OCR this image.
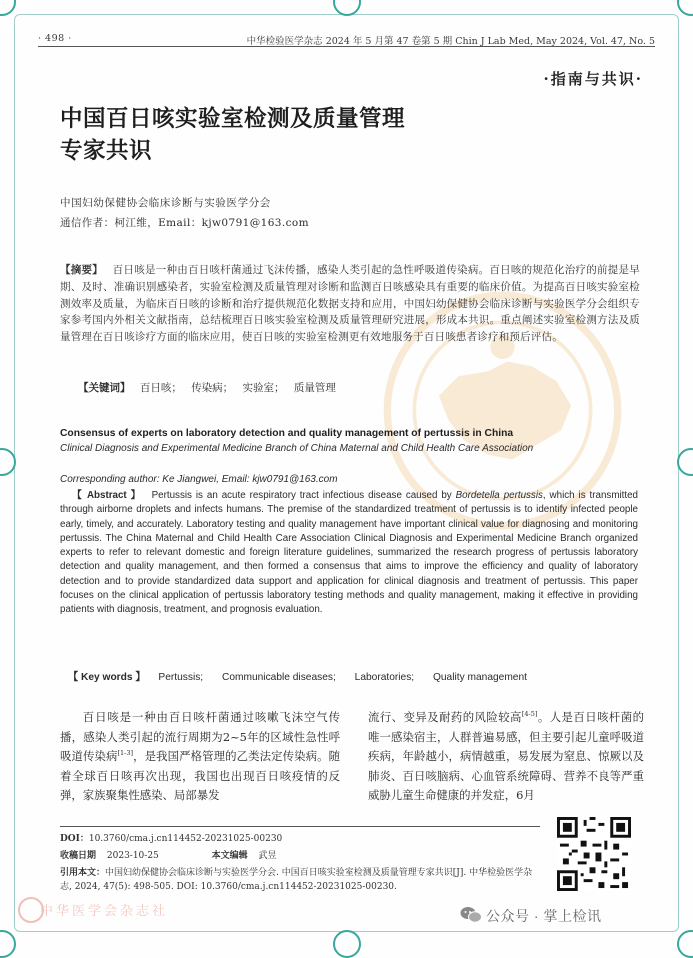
· 498 ·	中华检验医学杂志 2024 年 5 月第 47 卷第 5 期 Chin J Lab Med, May 2024, Vol. 47, No. 5
·指南与共识·
中国百日咳实验室检测及质量管理
专家共识
中国妇幼保健协会临床诊断与实验医学分会
通信作者：柯江维，Email：kjw0791@163.com
【摘要】 百日咳是一种由百日咳杆菌通过飞沫传播，感染人类引起的急性呼吸道传染病。百日咳的规范化治疗的前提是早期、及时、准确识别感染者，实验室检测及质量管理对诊断和监测百日咳感染具有重要的临床价值。为提高百日咳实验室检测效率及质量，为临床百日咳的诊断和治疗提供规范化数据支持和应用，中国妇幼保健协会临床诊断与实验医学分会组织专家参考国内外相关文献指南，总结梳理百日咳实验室检测及质量管理研究进展，形成本共识。重点阐述实验室检测方法及质量管理在百日咳诊疗方面的临床应用，使百日咳的实验室检测更有效地服务于百日咳患者诊疗和预后评估。
【关键词】 百日咳； 传染病； 实验室； 质量管理
Consensus of experts on laboratory detection and quality management of pertussis in China
Clinical Diagnosis and Experimental Medicine Branch of China Maternal and Child Health Care Association
Corresponding author: Ke Jiangwei, Email: kjw0791@163.com
【 Abstract 】 Pertussis is an acute respiratory tract infectious disease caused by Bordetella pertussis, which is transmitted through airborne droplets and infects humans. The premise of the standardized treatment of pertussis is to identify infected people early, timely, and accurately. Laboratory testing and quality management have important clinical value for diagnosing and monitoring pertussis. The China Maternal and Child Health Care Association Clinical Diagnosis and Experimental Medicine Branch organized experts to refer to relevant domestic and foreign literature guidelines, summarized the research progress of pertussis laboratory detection and quality management, and then formed a consensus that aims to improve the efficiency and quality of laboratory detection and to provide standardized data support and application for clinical diagnosis and treatment of pertussis. This paper focuses on the clinical application of pertussis laboratory testing methods and quality management, making it effective in providing patients with diagnosis, treatment, and prognosis evaluation.
【 Key words 】 Pertussis; Communicable diseases; Laboratories; Quality management
百日咳是一种由百日咳杆菌通过咳嗽飞沫空气传播，感染人类引起的流行周期为2~5年的区域性急性呼吸道传染病[1-3]，是我国严格管理的乙类法定传染病。随着全球百日咳再次出现，我国也出现百日咳疫情的反弹，家族聚集性感染、局部暴发
流行、变异及耐药的风险较高[4-5]。人是百日咳杆菌的唯一感染宿主，人群普遍易感，但主要引起儿童呼吸道疾病，年龄越小，病情越重，易发展为窒息、惊厥以及肺炎、百日咳脑病、心血管系统障碍、营养不良等严重威胁儿童生命健康的并发症，6月
DOI：10.3760/cma.j.cn114452-20231025-00230
收稿日期 2023-10-25	本文编辑 武昱
引用本文：中国妇幼保健协会临床诊断与实验医学分会. 中国百日咳实验室检测及质量管理专家共识[J]. 中华检验医学杂志, 2024, 47(5): 498-505. DOI: 10.3760/cma.j.cn114452-20231025-00230.
中华医学会杂志社	公众号 · 掌上检讯
